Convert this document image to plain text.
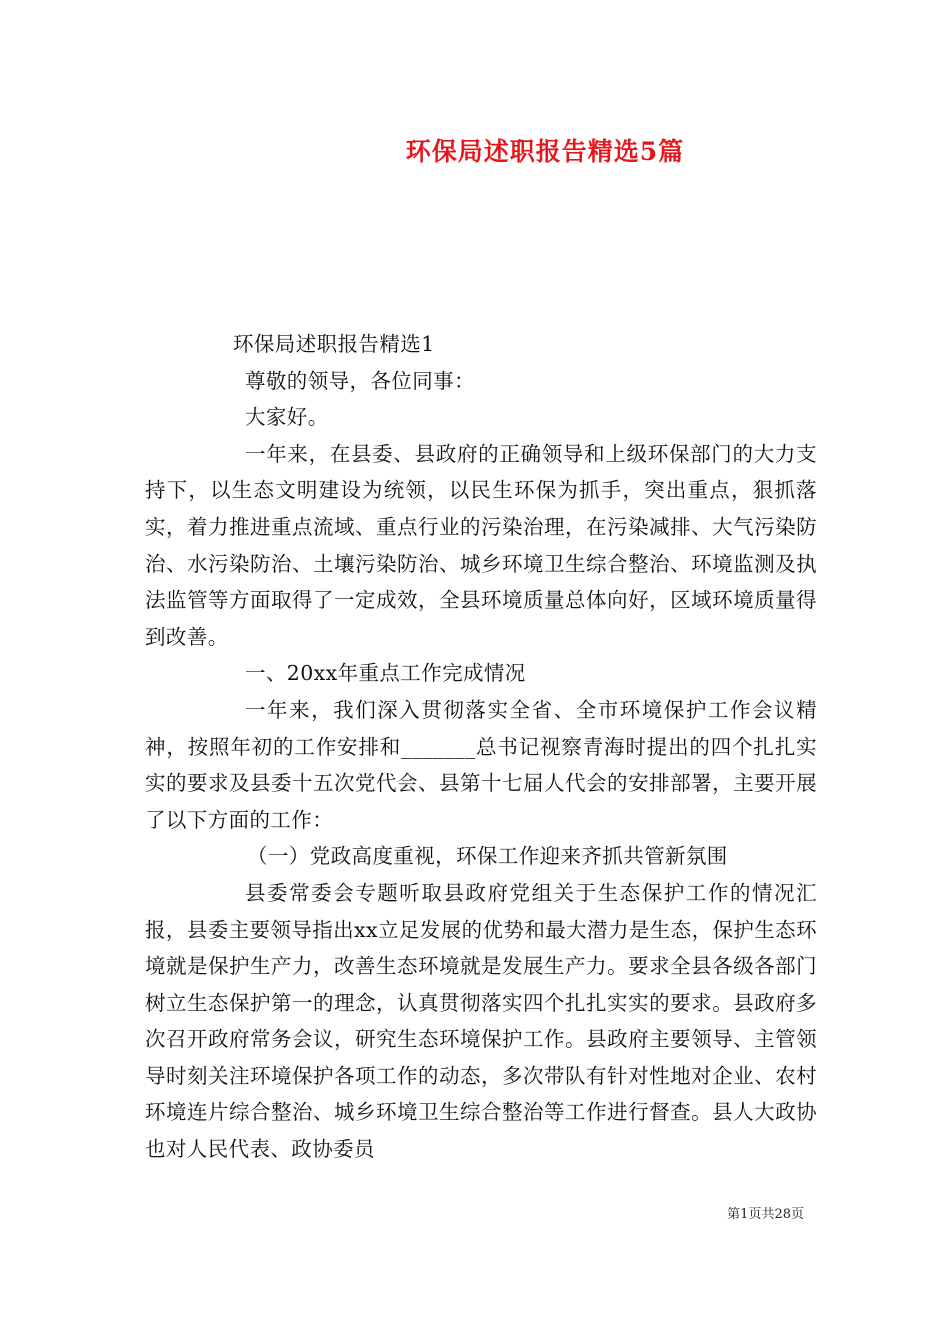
环保局述职报告精选5篇

环保局述职报告精选1

尊敬的领导，各位同事：

大家好。

一年来，在县委、县政府的正确领导和上级环保部门的大力支持下，以生态文明建设为统领，以民生环保为抓手，突出重点，狠抓落实，着力推进重点流域、重点行业的污染治理，在污染减排、大气污染防治、水污染防治、土壤污染防治、城乡环境卫生综合整治、环境监测及执法监管等方面取得了一定成效，全县环境质量总体向好，区域环境质量得到改善。

一、20xx年重点工作完成情况

一年来，我们深入贯彻落实全省、全市环境保护工作会议精神，按照年初的工作安排和_______总书记视察青海时提出的四个扎扎实实的要求及县委十五次党代会、县第十七届人代会的安排部署，主要开展了以下方面的工作：

（一）党政高度重视，环保工作迎来齐抓共管新氛围

县委常委会专题听取县政府党组关于生态保护工作的情况汇报，县委主要领导指出xx立足发展的优势和最大潜力是生态，保护生态环境就是保护生产力，改善生态环境就是发展生产力。要求全县各级各部门树立生态保护第一的理念，认真贯彻落实四个扎扎实实的要求。县政府多次召开政府常务会议，研究生态环境保护工作。县政府主要领导、主管领导时刻关注环境保护各项工作的动态，多次带队有针对性地对企业、农村环境连片综合整治、城乡环境卫生综合整治等工作进行督查。县人大政协也对人民代表、政协委员

第1页共28页
